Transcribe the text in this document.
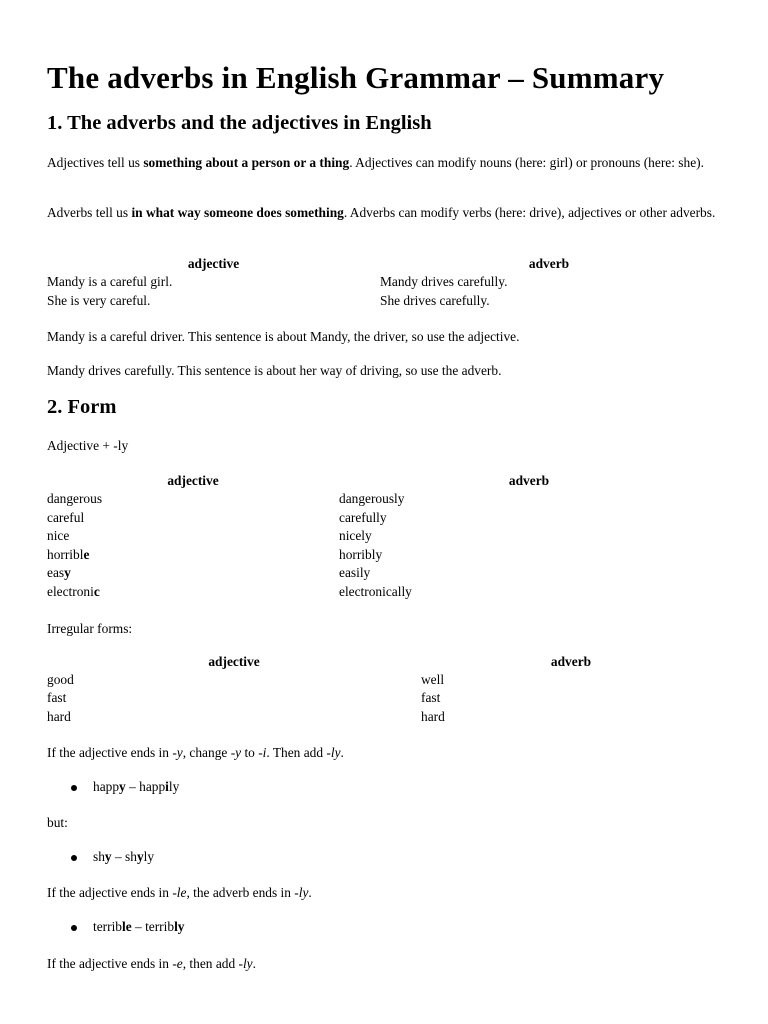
The adverbs in English Grammar – Summary
1. The adverbs and the adjectives in English
Adjectives tell us something about a person or a thing. Adjectives can modify nouns (here: girl) or pronouns (here: she).
Adverbs tell us in what way someone does something. Adverbs can modify verbs (here: drive), adjectives or other adverbs.
adjective	adverb
Mandy is a careful girl.	Mandy drives carefully.
She is very careful.	She drives carefully.
Mandy is a careful driver. This sentence is about Mandy, the driver, so use the adjective.
Mandy drives carefully. This sentence is about her way of driving, so use the adverb.
2. Form
Adjective + -ly
adjective	adverb
dangerous	dangerously
careful	carefully
nice	nicely
horrible	horribly
easy	easily
electronic	electronically
Irregular forms:
adjective	adverb
good	well
fast	fast
hard	hard
If the adjective ends in -y, change -y to -i. Then add -ly.
happy – happily
but:
shy – shyly
If the adjective ends in -le, the adverb ends in -ly.
terrible – terribly
If the adjective ends in -e, then add -ly.
